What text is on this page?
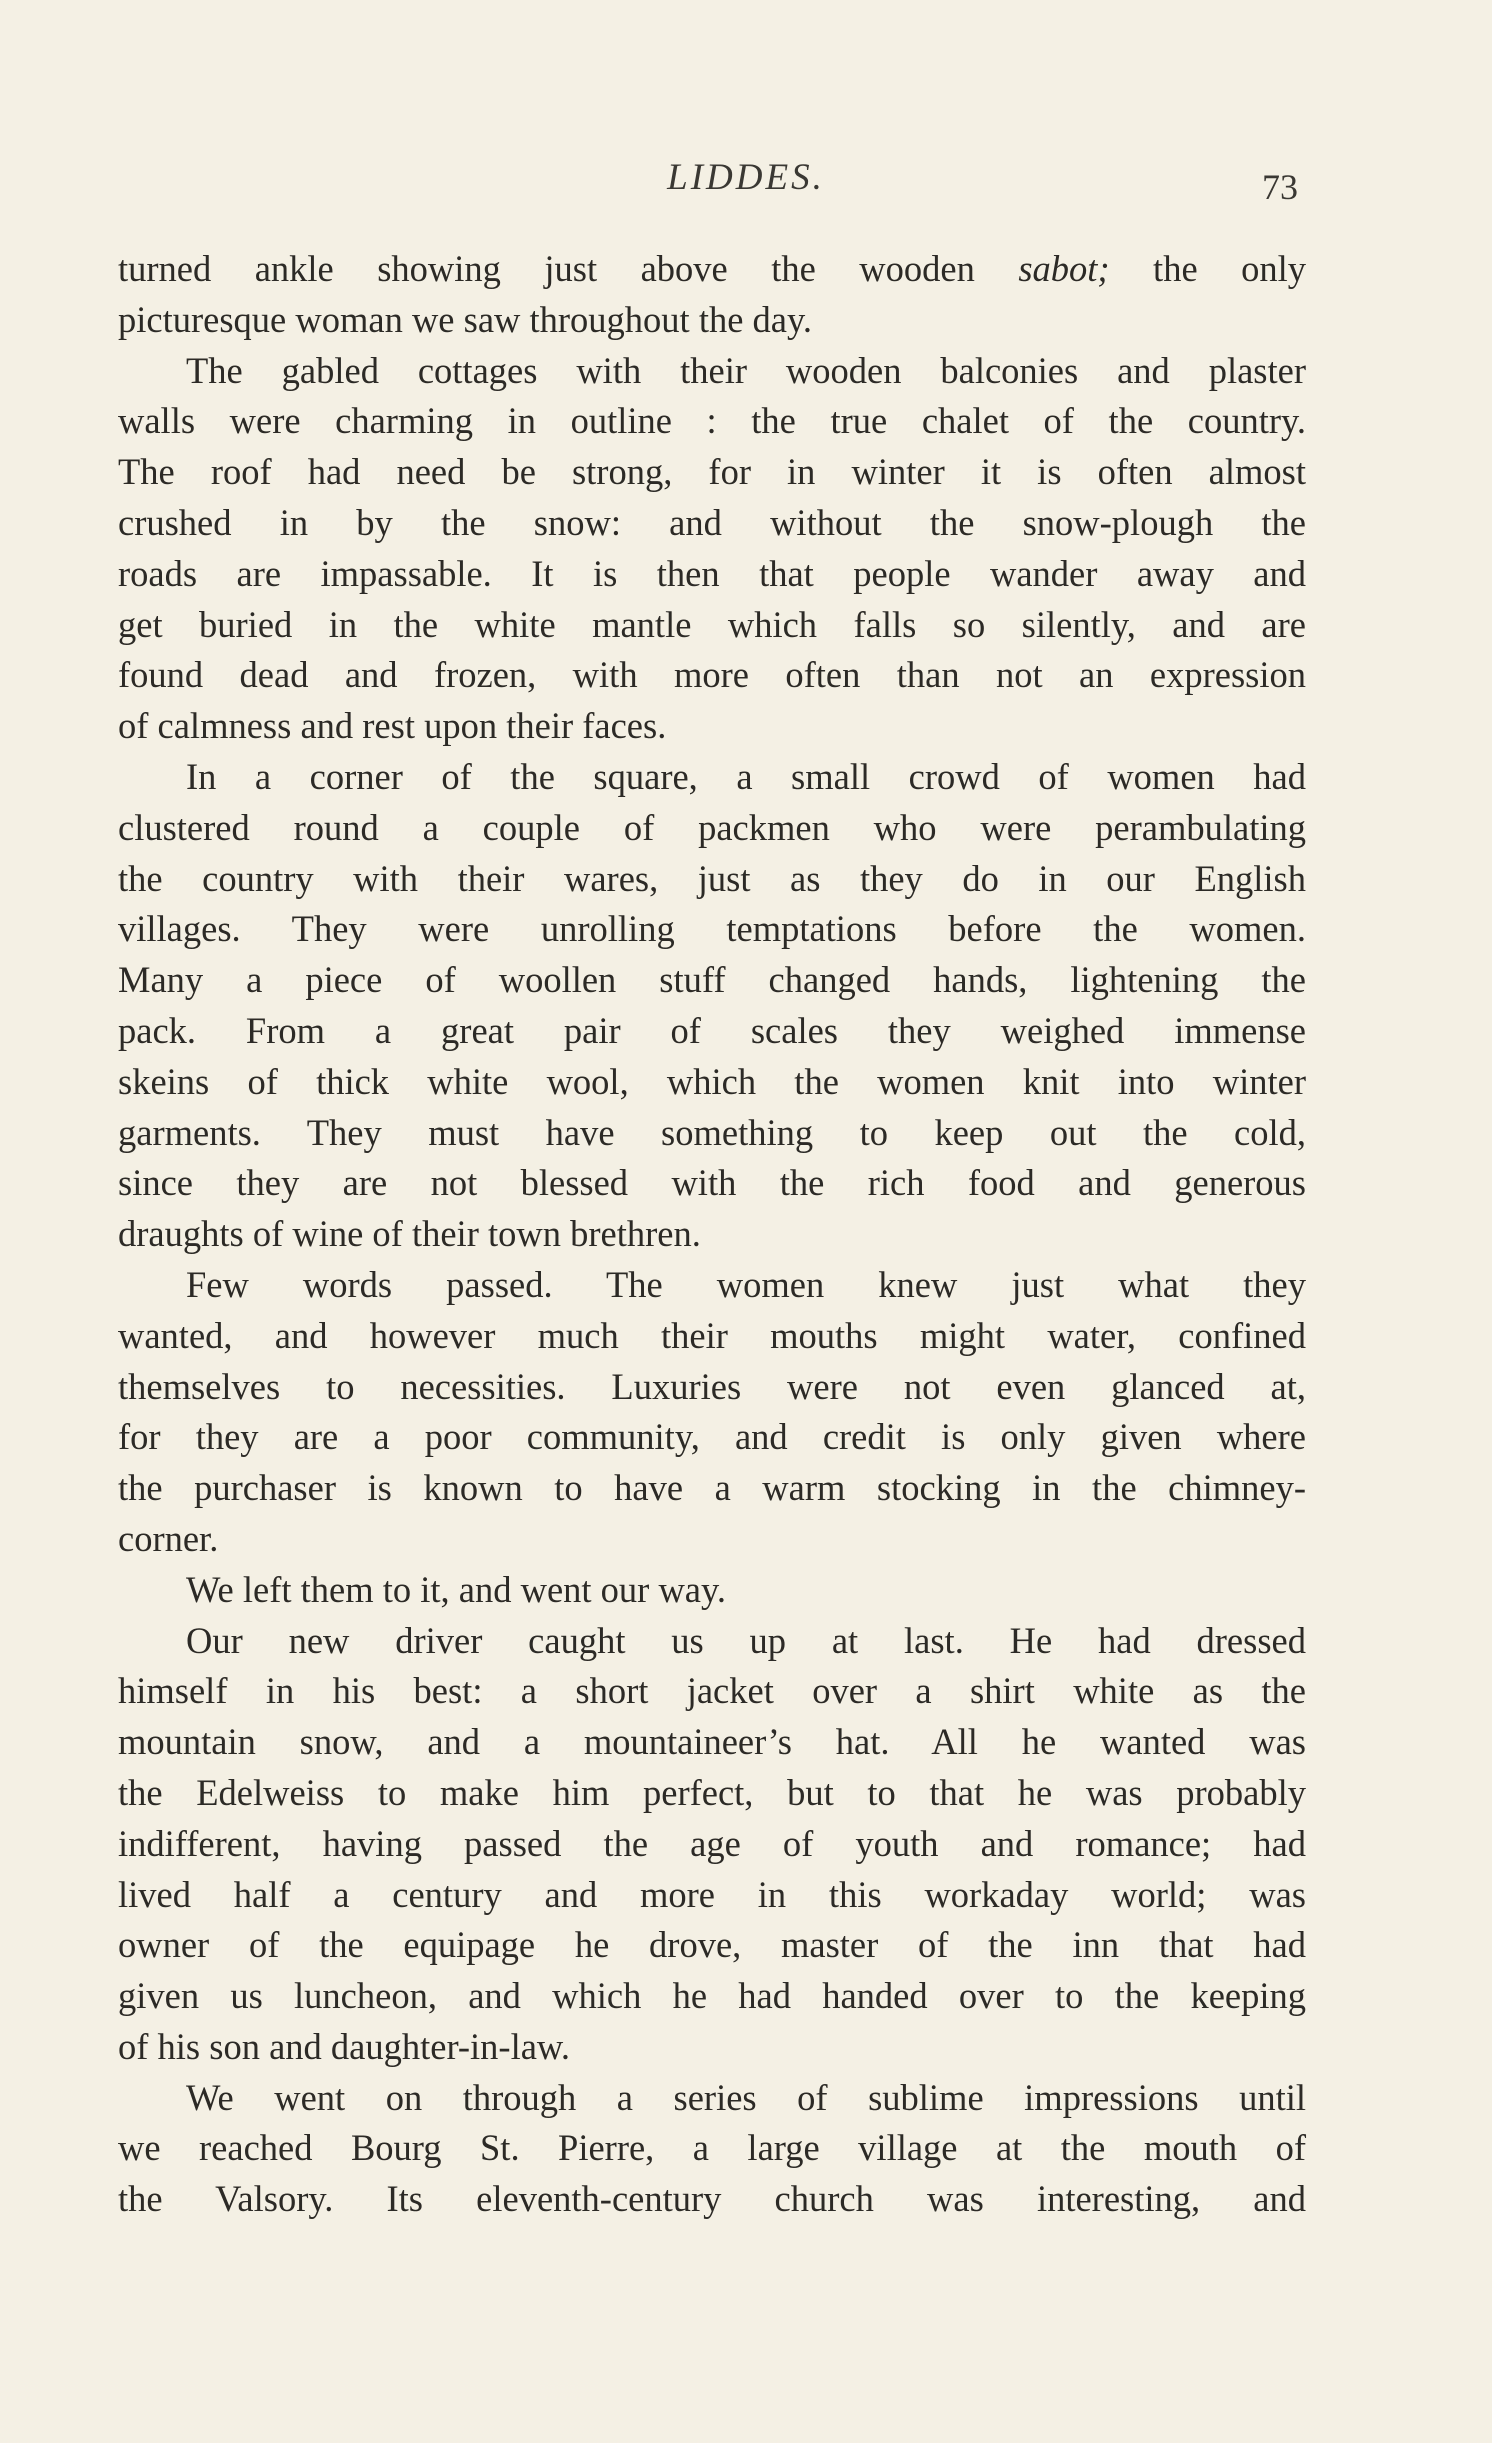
LIDDES.	73
turned ankle showing just above the wooden sabot; the only
picturesque woman we saw throughout the day.
The gabled cottages with their wooden balconies and plaster
walls were charming in outline : the true chalet of the country.
The roof had need be strong, for in winter it is often almost
crushed in by the snow: and without the snow-plough the
roads are impassable. It is then that people wander away and
get buried in the white mantle which falls so silently, and are
found dead and frozen, with more often than not an expression
of calmness and rest upon their faces.
In a corner of the square, a small crowd of women had
clustered round a couple of packmen who were perambulating
the country with their wares, just as they do in our English
villages. They were unrolling temptations before the women.
Many a piece of woollen stuff changed hands, lightening the
pack. From a great pair of scales they weighed immense
skeins of thick white wool, which the women knit into winter
garments. They must have something to keep out the cold,
since they are not blessed with the rich food and generous
draughts of wine of their town brethren.
Few words passed. The women knew just what they
wanted, and however much their mouths might water, confined
themselves to necessities. Luxuries were not even glanced at,
for they are a poor community, and credit is only given where
the purchaser is known to have a warm stocking in the chimney-
corner.
We left them to it, and went our way.
Our new driver caught us up at last. He had dressed
himself in his best: a short jacket over a shirt white as the
mountain snow, and a mountaineer’s hat. All he wanted was
the Edelweiss to make him perfect, but to that he was probably
indifferent, having passed the age of youth and romance; had
lived half a century and more in this workaday world; was
owner of the equipage he drove, master of the inn that had
given us luncheon, and which he had handed over to the keeping
of his son and daughter-in-law.
We went on through a series of sublime impressions until
we reached Bourg St. Pierre, a large village at the mouth of
the Valsory. Its eleventh-century church was interesting, and
